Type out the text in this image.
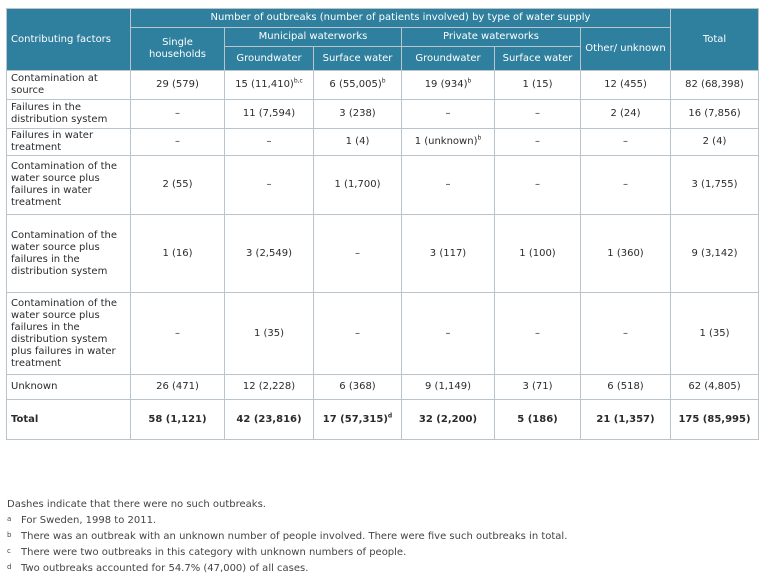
Contributing factors	Number of outbreaks (number of patients involved) by type of water supply						Total
	Single households	Municipal waterworks		Private waterworks		Other/ unknown	
		Groundwater	Surface water	Groundwater	Surface water		
Contamination at source	29 (579)	15 $(11,410)^{b,c}$	6 $(55,005)^b$	19 $(934)^b$	1 (15)	12 (455)	82 (68,398)
Failures in the distribution system	–	11 (7,594)	3 (238)	–	–	2 (24)	16 (7,856)
Failures in water treatment	–	–	1 (4)	1 (unknown)$^b$	–	–	2 (4)
Contamination of the water source plus failures in water treatment	2 (55)	–	1 (1,700)	–	–	–	3 (1,755)
Contamination of the water source plus failures in the distribution system	1 (16)	3 (2,549)	–	3 (117)	1 (100)	1 (360)	9 (3,142)
Contamination of the water source plus failures in the distribution system plus failures in water treatment	–	1 (35)	–	–	–	–	1 (35)
Unknown	26 (471)	12 (2,228)	6 (368)	9 (1,149)	3 (71)	6 (518)	62 (4,805)
Total	58 (1,121)	42 (23,816)	17 $(57,315)^d$	32 (2,200)	5 (186)	21 (1,357)	175 (85,995)
Dashes indicate that there were no such outbreaks.
a For Sweden, 1998 to 2011.
b There was an outbreak with an unknown number of people involved. There were five such outbreaks in total.
c There were two outbreaks in this category with unknown numbers of people.
d Two outbreaks accounted for 54.7% (47,000) of all cases.
